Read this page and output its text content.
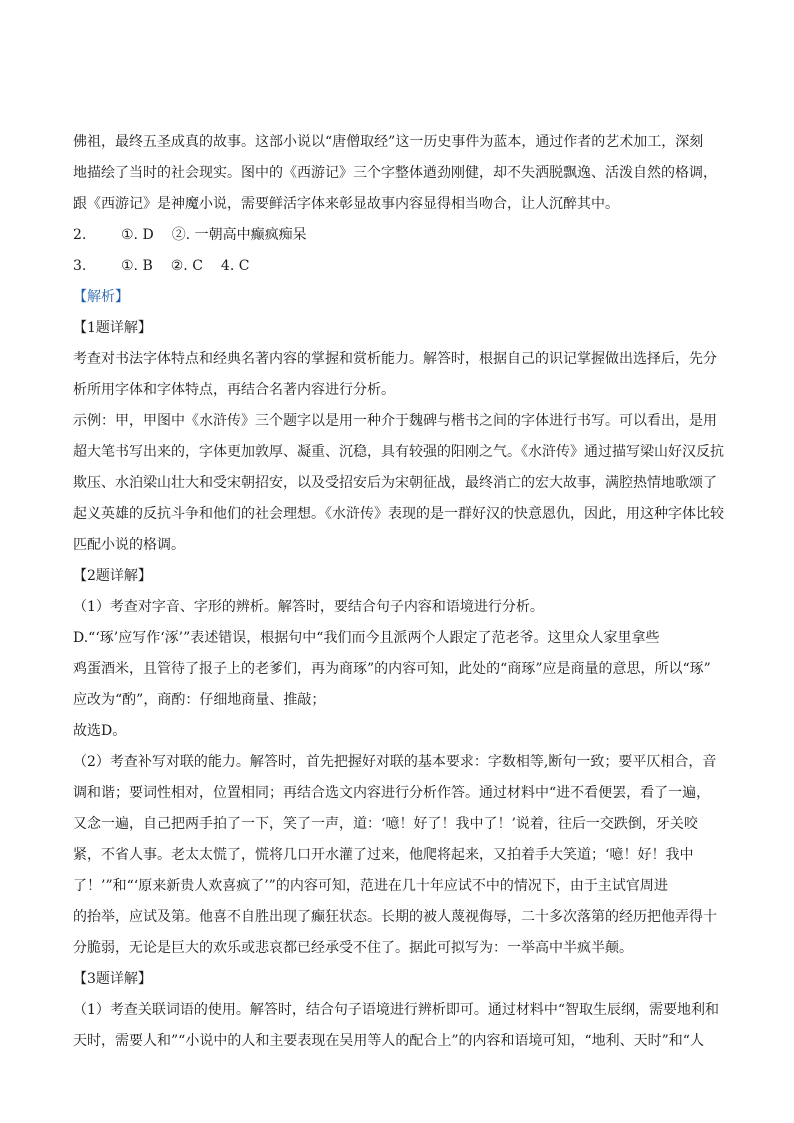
佛祖，最终五圣成真的故事。这部小说以“唐僧取经”这一历史事件为蓝本，通过作者的艺术加工，深刻
地描绘了当时的社会现实。图中的《西游记》三个字整体遒劲刚健，却不失洒脱飘逸、活泼自然的格调，
跟《西游记》是神魔小说，需要鲜活字体来彰显故事内容显得相当吻合，让人沉醉其中。
2.	①. D ②. 一朝高中癫疯痴呆
3.	①. B ②. C 4. C
【解析】
【1题详解】
考查对书法字体特点和经典名著内容的掌握和赏析能力。解答时，根据自己的识记掌握做出选择后，先分
析所用字体和字体特点，再结合名著内容进行分析。
示例：甲，甲图中《水浒传》三个题字以是用一种介于魏碑与楷书之间的字体进行书写。可以看出，是用
超大笔书写出来的，字体更加敦厚、凝重、沉稳，具有较强的阳刚之气。《水浒传》通过描写梁山好汉反抗
欺压、水泊梁山壮大和受宋朝招安，以及受招安后为宋朝征战，最终消亡的宏大故事，满腔热情地歌颂了
起义英雄的反抗斗争和他们的社会理想。《水浒传》表现的是一群好汉的快意恩仇，因此，用这种字体比较
匹配小说的格调。
【2题详解】
（1）考查对字音、字形的辨析。解答时，要结合句子内容和语境进行分析。
D.“‘琢’应写作‘涿’”表述错误，根据句中“我们而今且派两个人跟定了范老爷。这里众人家里拿些
鸡蛋酒米，且管待了报子上的老爹们，再为商琢”的内容可知，此处的“商琢”应是商量的意思，所以“琢”
应改为“酌”，商酌：仔细地商量、推敲；
故选D。
（2）考查补写对联的能力。解答时，首先把握好对联的基本要求：字数相等,断句一致；要平仄相合，音
调和谐；要词性相对，位置相同；再结合选文内容进行分析作答。通过材料中“进不看便罢，看了一遍，
又念一遍，自己把两手拍了一下，笑了一声，道：‘噫！好了！我中了！’说着，往后一交跌倒，牙关咬
紧，不省人事。老太太慌了，慌将几口开水灌了过来，他爬将起来，又拍着手大笑道；‘噫！好！我中
了！’”和“‘原来新贵人欢喜疯了’”的内容可知，范进在几十年应试不中的情况下，由于主试官周进
的抬举，应试及第。他喜不自胜出现了癫狂状态。长期的被人蔑视侮辱，二十多次落第的经历把他弄得十
分脆弱，无论是巨大的欢乐或悲哀都已经承受不住了。据此可拟写为：一举高中半疯半颠。
【3题详解】
（1）考查关联词语的使用。解答时，结合句子语境进行辨析即可。通过材料中“智取生辰纲，需要地利和
天时，需要人和”“小说中的人和主要表现在吴用等人的配合上”的内容和语境可知，“地利、天时”和“人
